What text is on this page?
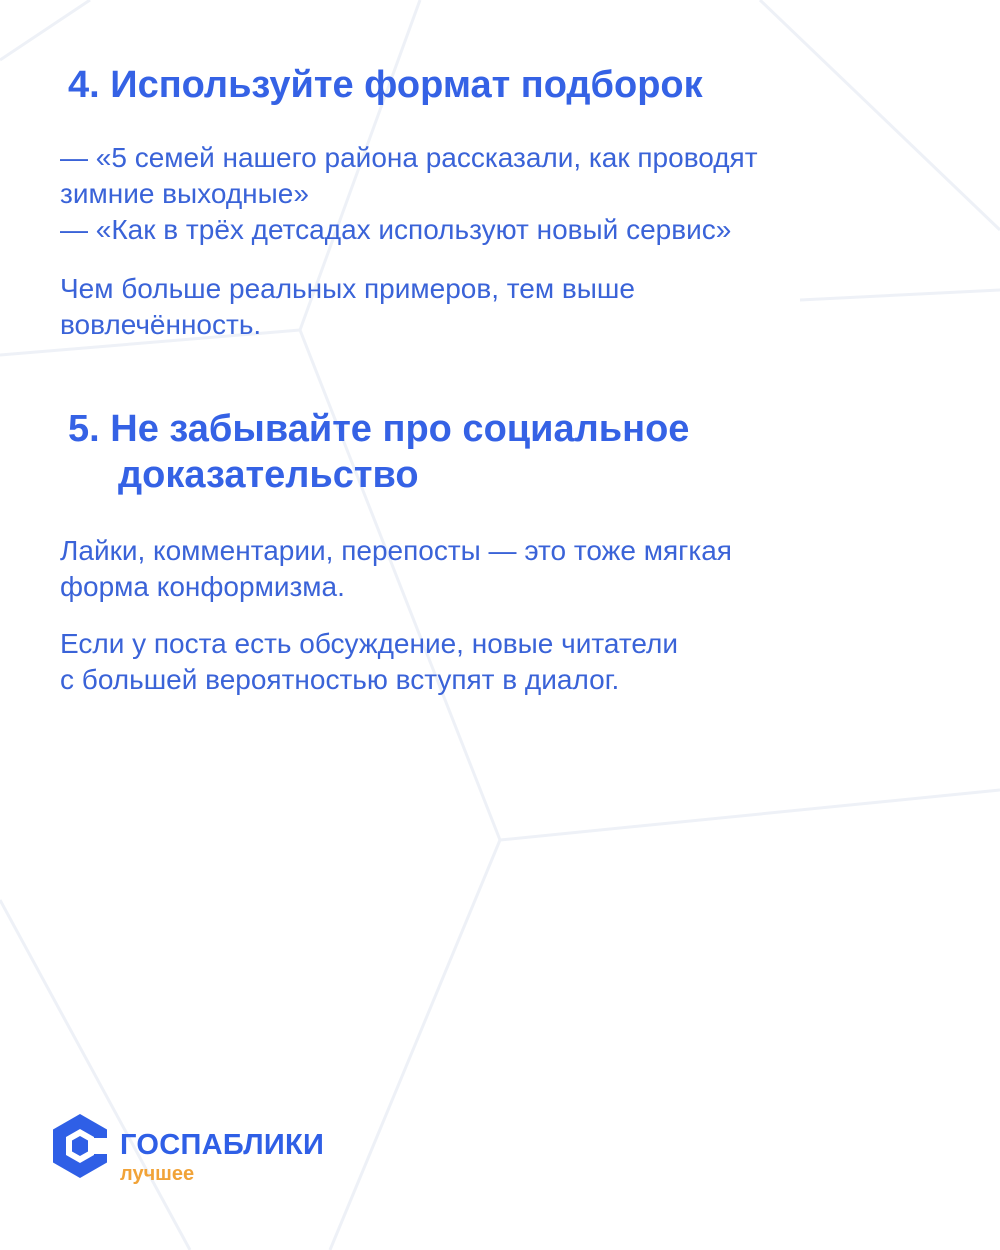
4. Используйте формат подборок

— «5 семей нашего района рассказали, как проводят
зимние выходные»
— «Как в трёх детсадах используют новый сервис»

Чем больше реальных примеров, тем выше
вовлечённость.

5. Не забывайте про социальное
доказательство

Лайки, комментарии, перепосты — это тоже мягкая
форма конформизма.

Если у поста есть обсуждение, новые читатели
с большей вероятностью вступят в диалог.

ГОСПАБЛИКИ
лучшее
